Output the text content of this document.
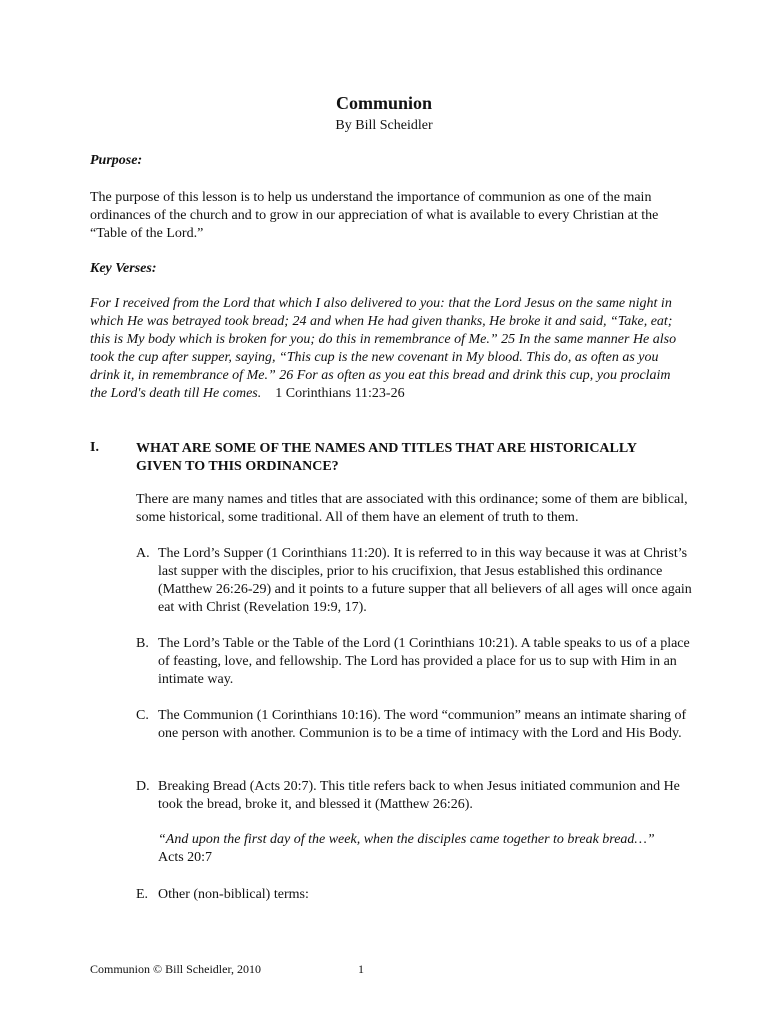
Communion
By Bill Scheidler
Purpose:

The purpose of this lesson is to help us understand the importance of communion as one of the main ordinances of the church and to grow in our appreciation of what is available to every Christian at the “Table of the Lord.”

Key Verses:

For I received from the Lord that which I also delivered to you: that the Lord Jesus on the same night in which He was betrayed took bread; 24 and when He had given thanks, He broke it and said, “Take, eat; this is My body which is broken for you; do this in remembrance of Me.” 25 In the same manner He also took the cup after supper, saying, “This cup is the new covenant in My blood. This do, as often as you drink it, in remembrance of Me.” 26 For as often as you eat this bread and drink this cup, you proclaim the Lord's death till He comes. 1 Corinthians 11:23-26

I.	WHAT ARE SOME OF THE NAMES AND TITLES THAT ARE HISTORICALLY GIVEN TO THIS ORDINANCE?

There are many names and titles that are associated with this ordinance; some of them are biblical, some historical, some traditional. All of them have an element of truth to them.

A. The Lord’s Supper (1 Corinthians 11:20). It is referred to in this way because it was at Christ’s last supper with the disciples, prior to his crucifixion, that Jesus established this ordinance (Matthew 26:26-29) and it points to a future supper that all believers of all ages will once again eat with Christ (Revelation 19:9, 17).
B. The Lord’s Table or the Table of the Lord (1 Corinthians 10:21). A table speaks to us of a place of feasting, love, and fellowship. The Lord has provided a place for us to sup with Him in an intimate way.
C. The Communion (1 Corinthians 10:16). The word “communion” means an intimate sharing of one person with another. Communion is to be a time of intimacy with the Lord and His Body.
D. Breaking Bread (Acts 20:7). This title refers back to when Jesus initiated communion and He took the bread, broke it, and blessed it (Matthew 26:26).
“And upon the first day of the week, when the disciples came together to break bread…” Acts 20:7
E. Other (non-biblical) terms:
Communion © Bill Scheidler, 2010	1
